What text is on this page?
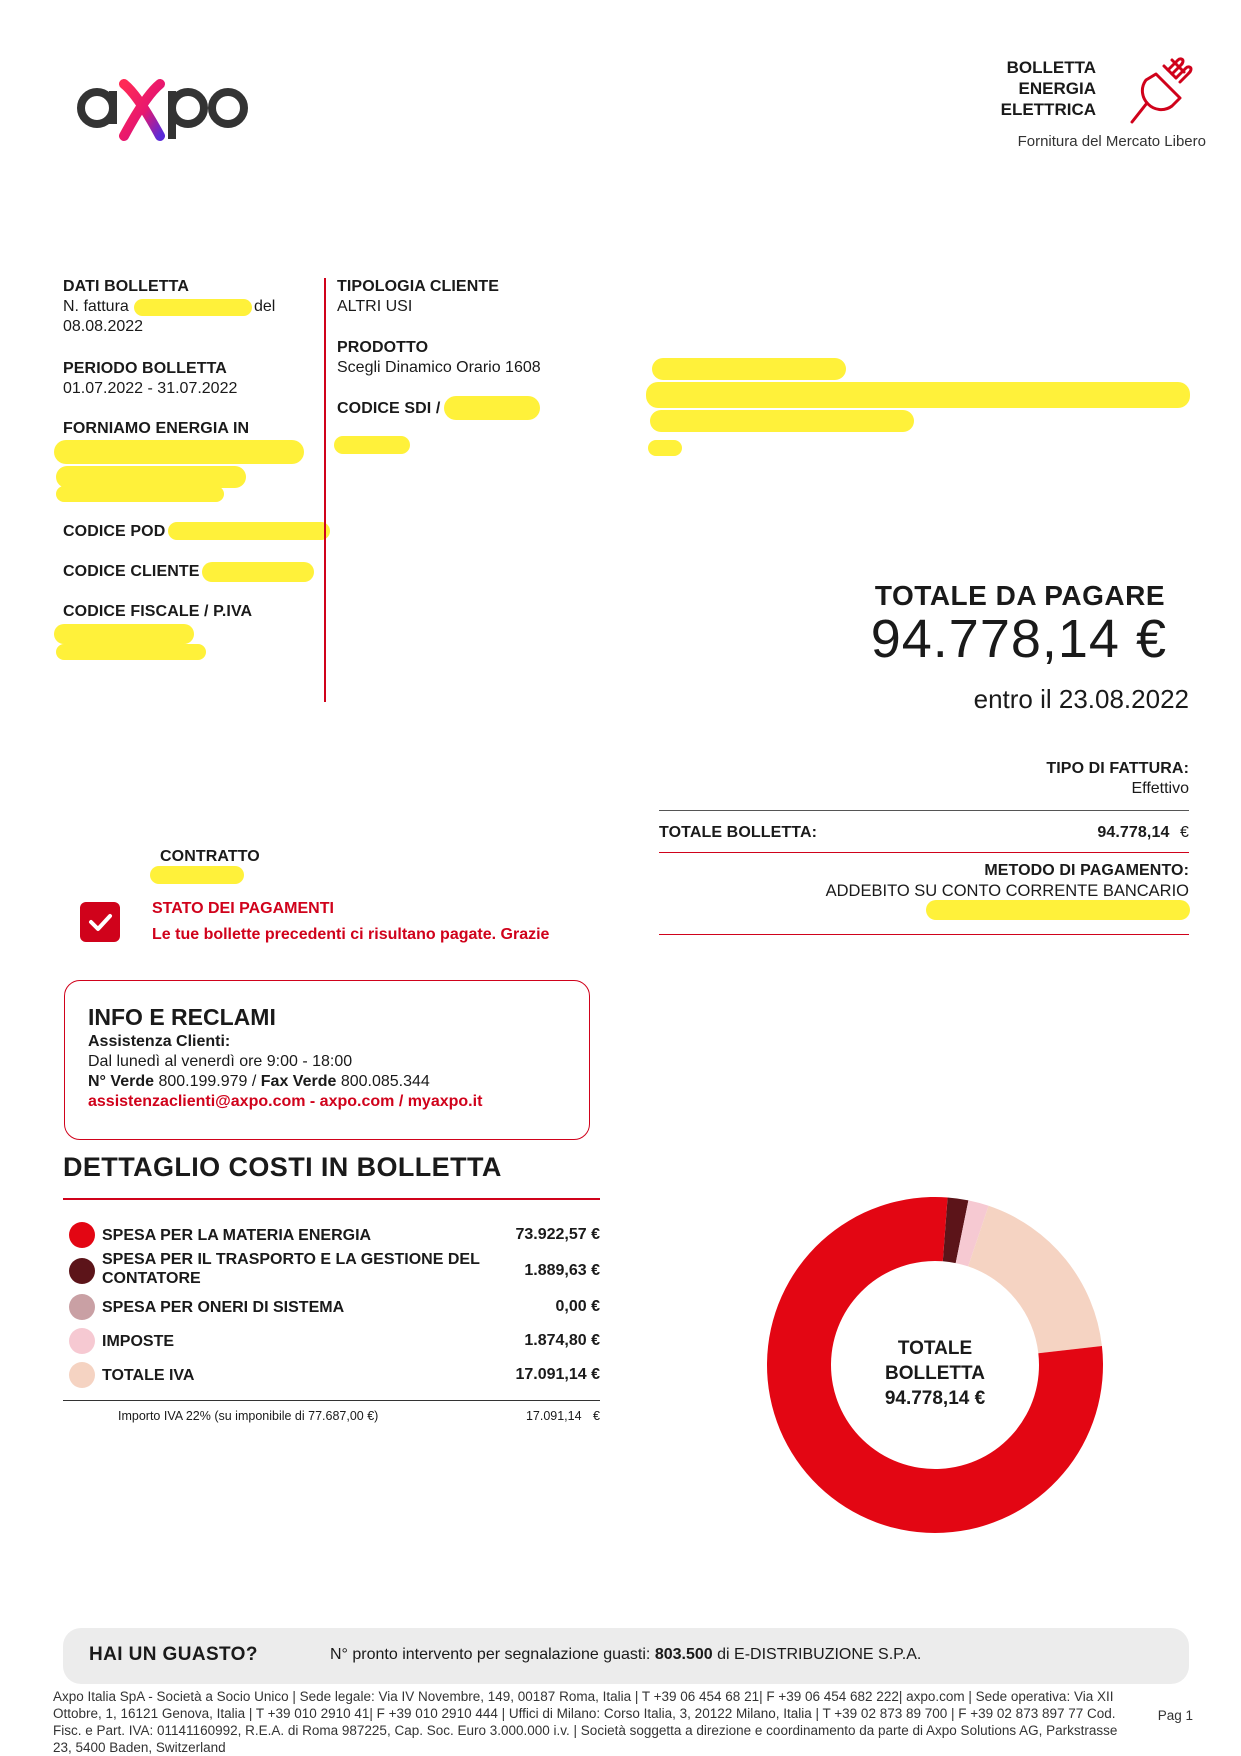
BOLLETTA
ENERGIA
ELETTRICA
Fornitura del Mercato Libero
DATI BOLLETTA
N. fattura	del
08.08.2022
PERIODO BOLLETTA
01.07.2022 - 31.07.2022
FORNIAMO ENERGIA IN
CODICE POD
CODICE CLIENTE
CODICE FISCALE / P.IVA
TIPOLOGIA CLIENTE
ALTRI USI
PRODOTTO
Scegli Dinamico Orario 1608
CODICE SDI /
TOTALE DA PAGARE
94.778,14 €
entro il 23.08.2022
TIPO DI FATTURA:
Effettivo
TOTALE BOLLETTA:	94.778,14 €
METODO DI PAGAMENTO:
ADDEBITO SU CONTO CORRENTE BANCARIO
CONTRATTO
STATO DEI PAGAMENTI
Le tue bollette precedenti ci risultano pagate. Grazie
INFO E RECLAMI
Assistenza Clienti:
Dal lunedì al venerdì ore 9:00 - 18:00
N° Verde 800.199.979 / Fax Verde 800.085.344
assistenzaclienti@axpo.com - axpo.com / myaxpo.it
DETTAGLIO COSTI IN BOLLETTA
SPESA PER LA MATERIA ENERGIA	73.922,57 €
SPESA PER IL TRASPORTO E LA GESTIONE DEL CONTATORE	1.889,63 €
SPESA PER ONERI DI SISTEMA	0,00 €
IMPOSTE	1.874,80 €
TOTALE IVA	17.091,14 €
Importo IVA 22% (su imponibile di 77.687,00 €)	17.091,14 €
TOTALE
BOLLETTA
94.778,14 €
HAI UN GUASTO?	N° pronto intervento per segnalazione guasti: 803.500 di E-DISTRIBUZIONE S.P.A.
Axpo Italia SpA - Società a Socio Unico | Sede legale: Via IV Novembre, 149, 00187 Roma, Italia | T +39 06 454 68 21| F +39 06 454 682 222| axpo.com | Sede operativa: Via XII Ottobre, 1, 16121 Genova, Italia | T +39 010 2910 41| F +39 010 2910 444 | Uffici di Milano: Corso Italia, 3, 20122 Milano, Italia | T +39 02 873 89 700 | F +39 02 873 897 77 Cod. Fisc. e Part. IVA: 01141160992, R.E.A. di Roma 987225, Cap. Soc. Euro 3.000.000 i.v. | Società soggetta a direzione e coordinamento da parte di Axpo Solutions AG, Parkstrasse 23, 5400 Baden, Switzerland
Pag 1
